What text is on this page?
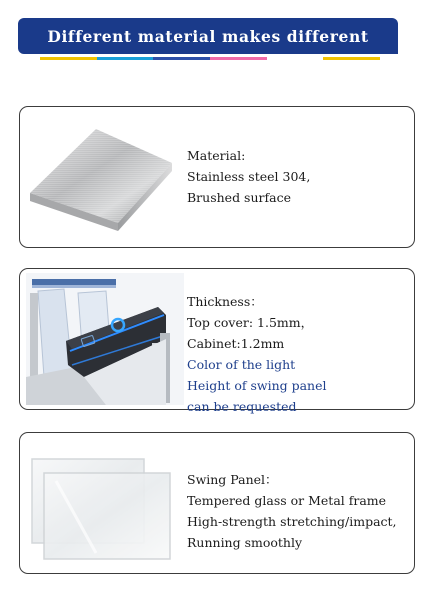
Different material makes different effect
Material:
Stainless steel 304,
Brushed surface
Thickness：
Top cover: 1.5mm， Cabinet:1.2mm
Color of the light
Height of swing panel
can be requested
Swing Panel：
Tempered glass or Metal frame
High-strength stretching/impact,
Running smoothly
